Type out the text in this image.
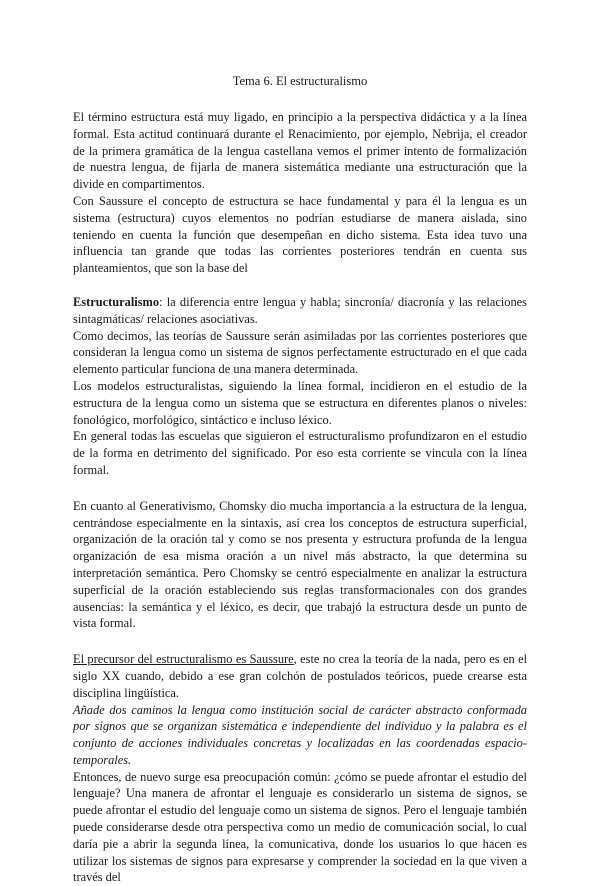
Tema 6. El estructuralismo

El término estructura está muy ligado, en principio a la perspectiva didáctica y a la línea formal. Esta actitud continuará durante el Renacimiento, por ejemplo, Nebrija, el creador de la primera gramática de la lengua castellana vemos el primer intento de formalización de nuestra lengua, de fijarla de manera sistemática mediante una estructuración que la divide en compartimentos.

Con Saussure el concepto de estructura se hace fundamental y para él la lengua es un sistema (estructura) cuyos elementos no podrían estudiarse de manera aislada, sino teniendo en cuenta la función que desempeñan en dicho sistema. Esta idea tuvo una influencia tan grande que todas las corrientes posteriores tendrán en cuenta sus planteamientos, que son la base del

Estructuralismo: la diferencia entre lengua y habla; sincronía/ diacronía y las relaciones sintagmáticas/ relaciones asociativas.

Como decimos, las teorías de Saussure serán asimiladas por las corrientes posteriores que consideran la lengua como un sistema de signos perfectamente estructurado en el que cada elemento particular funciona de una manera determinada.

Los modelos estructuralistas, siguiendo la línea formal, incidieron en el estudio de la estructura de la lengua como un sistema que se estructura en diferentes planos o niveles: fonológico, morfológico, sintáctico e incluso léxico.

En general todas las escuelas que siguieron el estructuralismo profundizaron en el estudio de la forma en detrimento del significado. Por eso esta corriente se vincula con la línea formal.

En cuanto al Generativismo, Chomsky dio mucha importancia a la estructura de la lengua, centrándose especialmente en la sintaxis, así crea los conceptos de estructura superficial, organización de la oración tal y como se nos presenta y estructura profunda de la lengua organización de esa misma oración a un nivel más abstracto, la que determina su interpretación semántica. Pero Chomsky se centró especialmente en analizar la estructura superficial de la oración estableciendo sus reglas transformacionales con dos grandes ausencias: la semántica y el léxico, es decir, que trabajó la estructura desde un punto de vista formal.

El precursor del estructuralismo es Saussure, este no crea la teoría de la nada, pero es en el siglo XX cuando, debido a ese gran colchón de postulados teóricos, puede crearse esta disciplina lingüística.

Añade dos caminos la lengua como institución social de carácter abstracto conformada por signos que se organizan sistemática e independiente del individuo y la palabra es el conjunto de acciones individuales concretas y localizadas en las coordenadas espacio-temporales.

Entonces, de nuevo surge esa preocupación común: ¿cómo se puede afrontar el estudio del lenguaje? Una manera de afrontar el lenguaje es considerarlo un sistema de signos, se puede afrontar el estudio del lenguaje como un sistema de signos. Pero el lenguaje también puede considerarse desde otra perspectiva como un medio de comunicación social, lo cual daría pie a abrir la segunda línea, la comunicativa, donde los usuarios lo que hacen es utilizar los sistemas de signos para expresarse y comprender la sociedad en la que viven a través del
